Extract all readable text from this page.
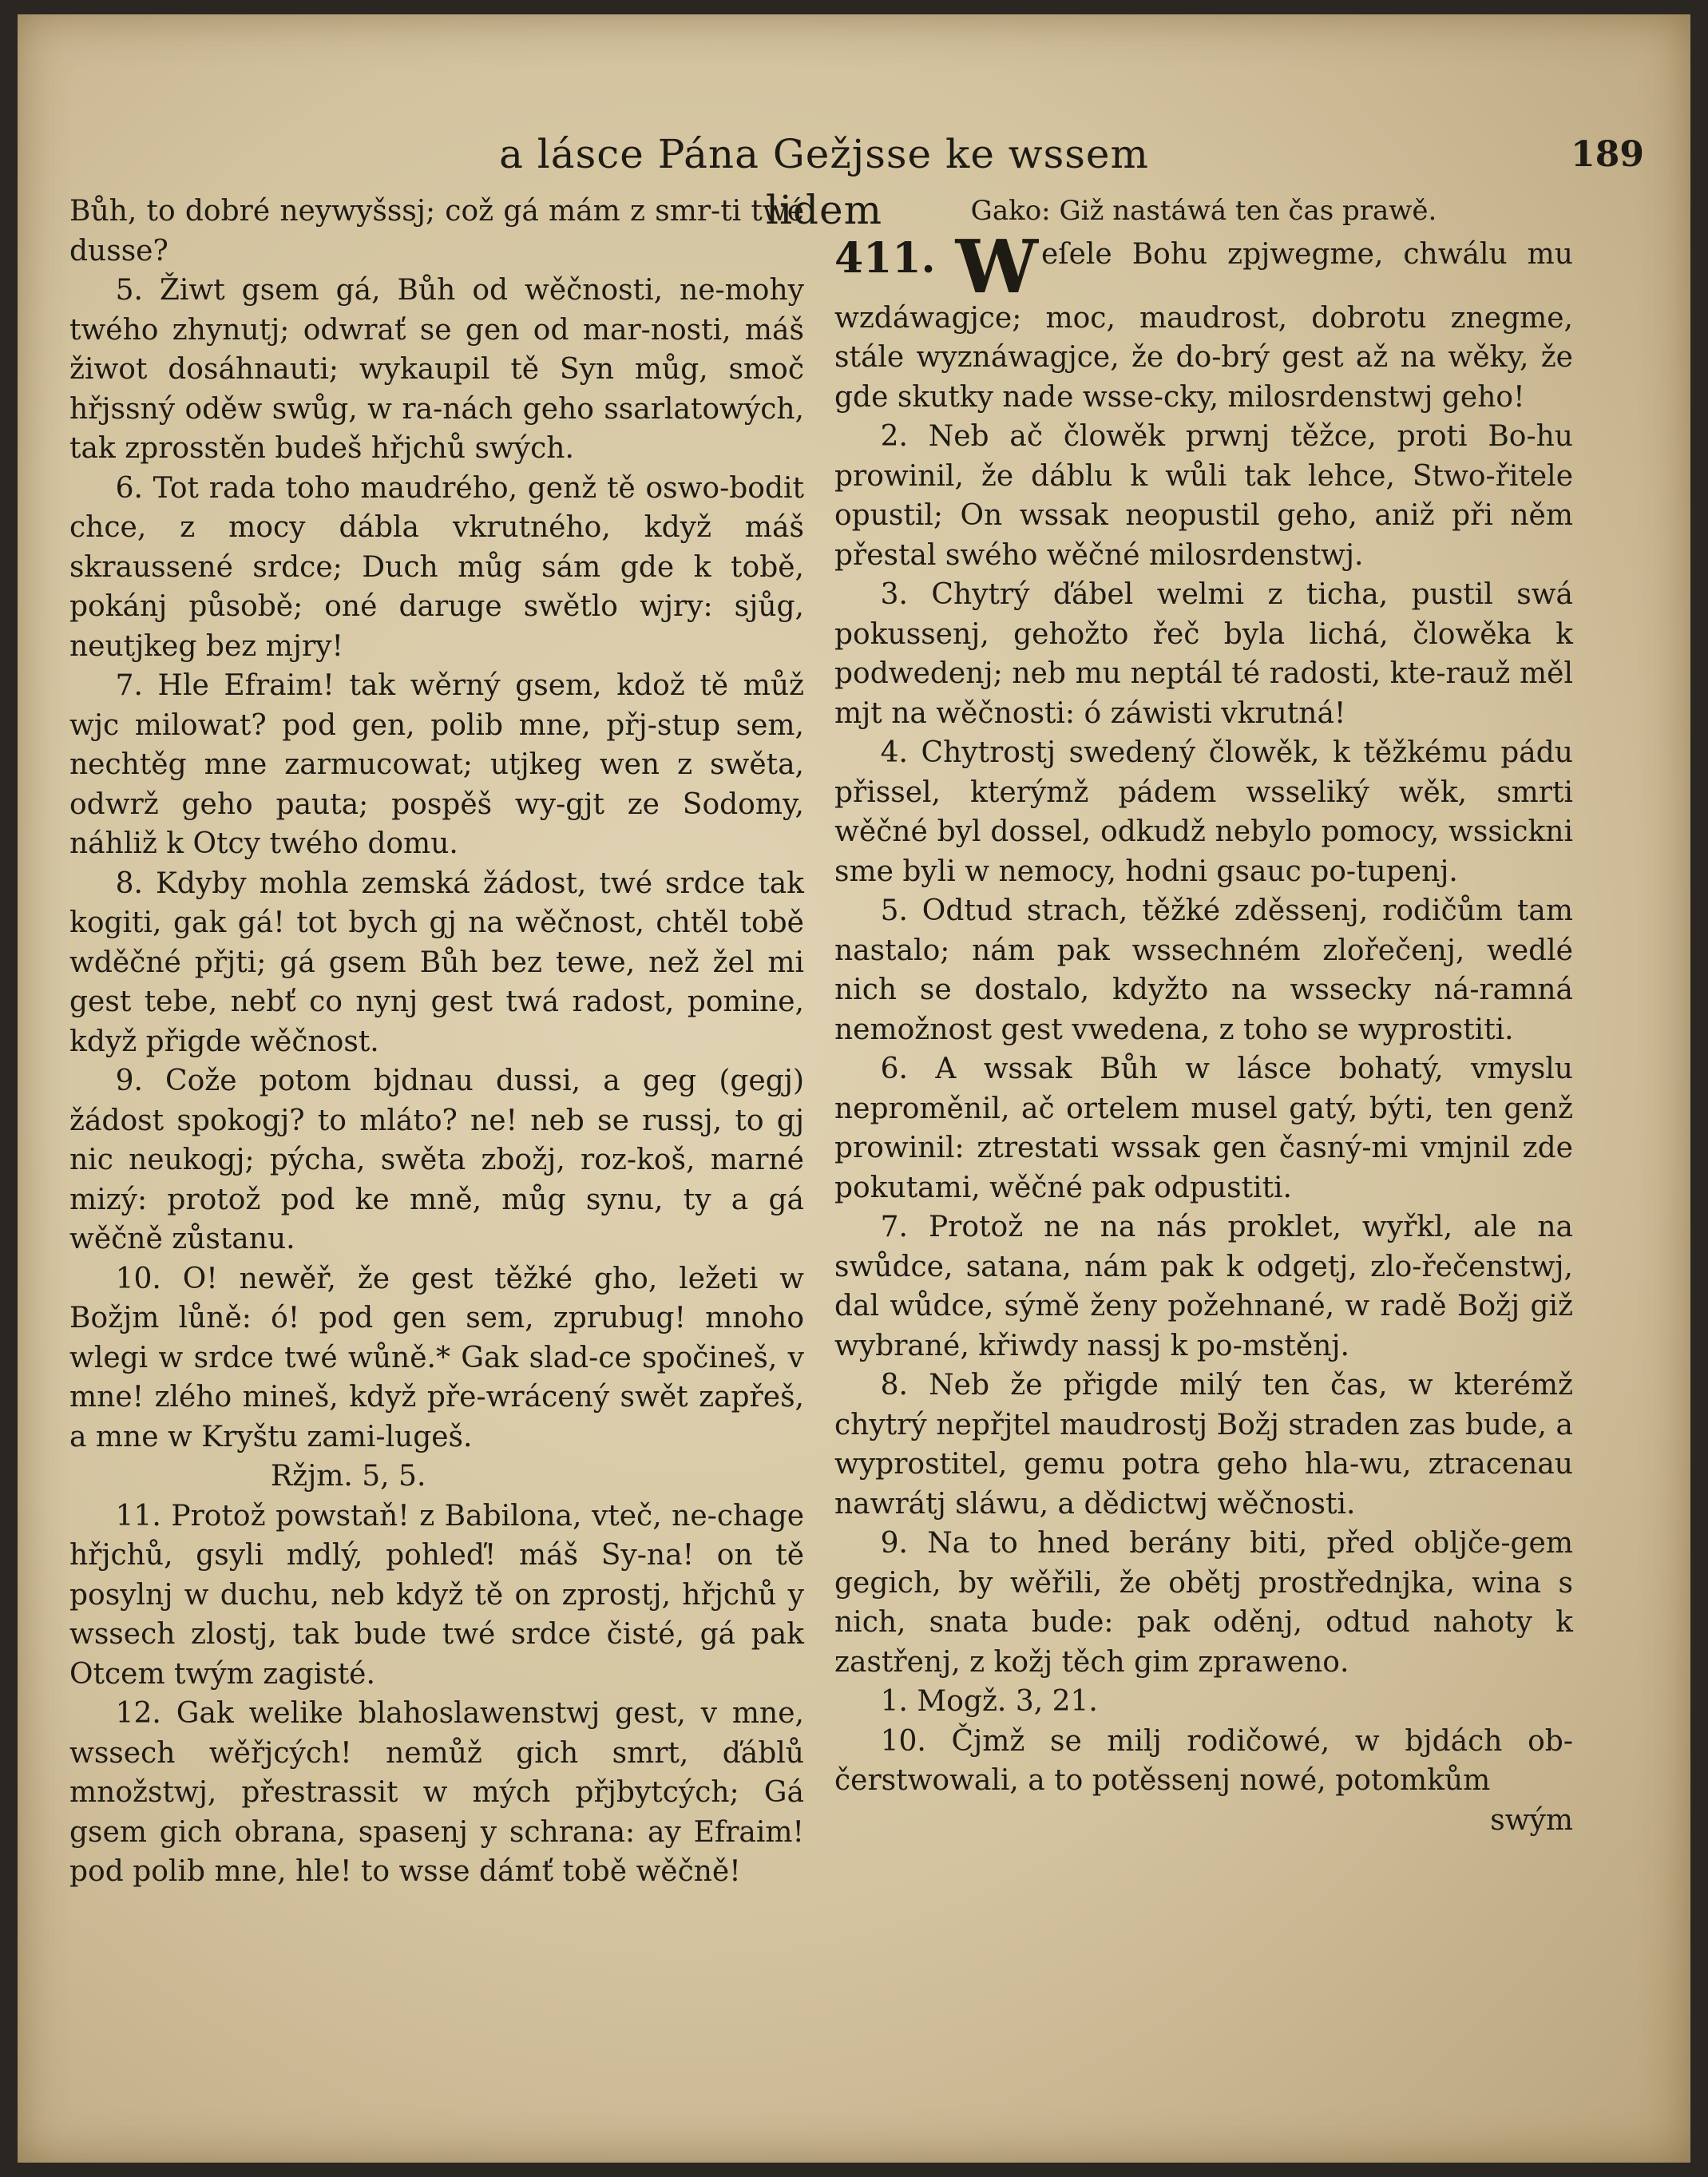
a lásce Pána Gežjsse ke wssem lidem
189

Bůh, to dobré neywyšssj; což gá mám z smr-ti twé dusse?

5. Žiwt gsem gá, Bůh od wěčnosti, ne-mohy twého zhynutj; odwrať se gen od mar-nosti, máš žiwot dosáhnauti; wykaupil tě Syn můg, smoč hřjssný oděw swůg, w ra-nách geho ssarlatowých, tak zprosstěn budeš hřjchů swých.

6. Tot rada toho maudrého, genž tě oswo-bodit chce, z mocy dábla vkrutného, když máš skraussené srdce; Duch můg sám gde k tobě, pokánj působě; oné daruge swětlo wjry: sjůg, neutjkeg bez mjry!

7. Hle Efraim! tak wěrný gsem, kdož tě můž wjc milowat? pod gen, polib mne, přj-stup sem, nechtěg mne zarmucowat; utjkeg wen z swěta, odwrž geho pauta; pospěš wy-gjt ze Sodomy, náhliž k Otcy twého domu.

8. Kdyby mohla zemská žádost, twé srdce tak kogiti, gak gá! tot bych gj na wěčnost, chtěl tobě wděčné přjti; gá gsem Bůh bez tewe, než žel mi gest tebe, nebť co nynj gest twá radost, pomine, když přigde wěčnost.

9. Cože potom bjdnau dussi, a geg (gegj) žádost spokogj? to mláto? ne! neb se russj, to gj nic neukogj; pýcha, swěta zbožj, roz-koš, marné mizý: protož pod ke mně, můg synu, ty a gá wěčně zůstanu.

10. O! newěř, že gest těžké gho, ležeti w Božjm lůně: ó! pod gen sem, zprubug! mnoho wlegi w srdce twé wůně.* Gak slad-ce spočineš, v mne! zlého mineš, když pře-wrácený swět zapřeš, a mne w Kryštu zami-lugeš.

Ržjm. 5, 5.

11. Protož powstaň! z Babilona, vteč, ne-chage hřjchů, gsyli mdlý, pohleď! máš Sy-na! on tě posylnj w duchu, neb když tě on zprostj, hřjchů y wssech zlostj, tak bude twé srdce čisté, gá pak Otcem twým zagisté.

12. Gak welike blahoslawenstwj gest, v mne, wssech wěřjcých! nemůž gich smrt, ďáblů množstwj, přestrassit w mých přjbytcých; Gá gsem gich obrana, spasenj y schrana: ay Efraim! pod polib mne, hle! to wsse dámť tobě wěčně!

Gako: Giž nastáwá ten čas prawě.

411. W eſele Bohu zpjwegme, chwálu mu wzdáwagjce; moc, maudrost, dobrotu znegme, stále wyznáwagjce, že do-brý gest až na wěky, že gde skutky nade wsse-cky, milosrdenstwj geho!

2. Neb ač člowěk prwnj těžce, proti Bo-hu prowinil, že dáblu k wůli tak lehce, Stwo-řitele opustil; On wssak neopustil geho, aniž při něm přestal swého wěčné milosrdenstwj.

3. Chytrý ďábel welmi z ticha, pustil swá pokussenj, gehožto řeč byla lichá, člowěka k podwedenj; neb mu neptál té radosti, kte-rauž měl mjt na wěčnosti: ó záwisti vkrutná!

4. Chytrostj swedený člowěk, k těžkému pádu přissel, kterýmž pádem wsseliký wěk, smrti wěčné byl dossel, odkudž nebylo pomocy, wssickni sme byli w nemocy, hodni gsauc po-tupenj.

5. Odtud strach, těžké zděssenj, rodičům tam nastalo; nám pak wssechném zlořečenj, wedlé nich se dostalo, kdyžto na wssecky ná-ramná nemožnost gest vwedena, z toho se wyprostiti.

6. A wssak Bůh w lásce bohatý, vmyslu neproměnil, ač ortelem musel gatý, býti, ten genž prowinil: ztrestati wssak gen časný-mi vmjnil zde pokutami, wěčné pak odpustiti.

7. Protož ne na nás proklet, wyřkl, ale na swůdce, satana, nám pak k odgetj, zlo-řečenstwj, dal wůdce, sýmě ženy požehnané, w radě Božj giž wybrané, křiwdy nassj k po-mstěnj.

8. Neb že přigde milý ten čas, w kterémž chytrý nepřjtel maudrostj Božj straden zas bude, a wyprostitel, gemu potra geho hla-wu, ztracenau nawrátj sláwu, a dědictwj wěčnosti.

9. Na to hned berány biti, před obljče-gem gegich, by wěřili, že obětj prostřednjka, wina s nich, snata bude: pak oděnj, odtud nahoty k zastřenj, z kožj těch gim zprawenо.

1. Mogž. 3, 21.

10. Čjmž se milj rodičowé, w bjdách ob-čerstwowali, a to potěssenj nowé, potomkům

swým
